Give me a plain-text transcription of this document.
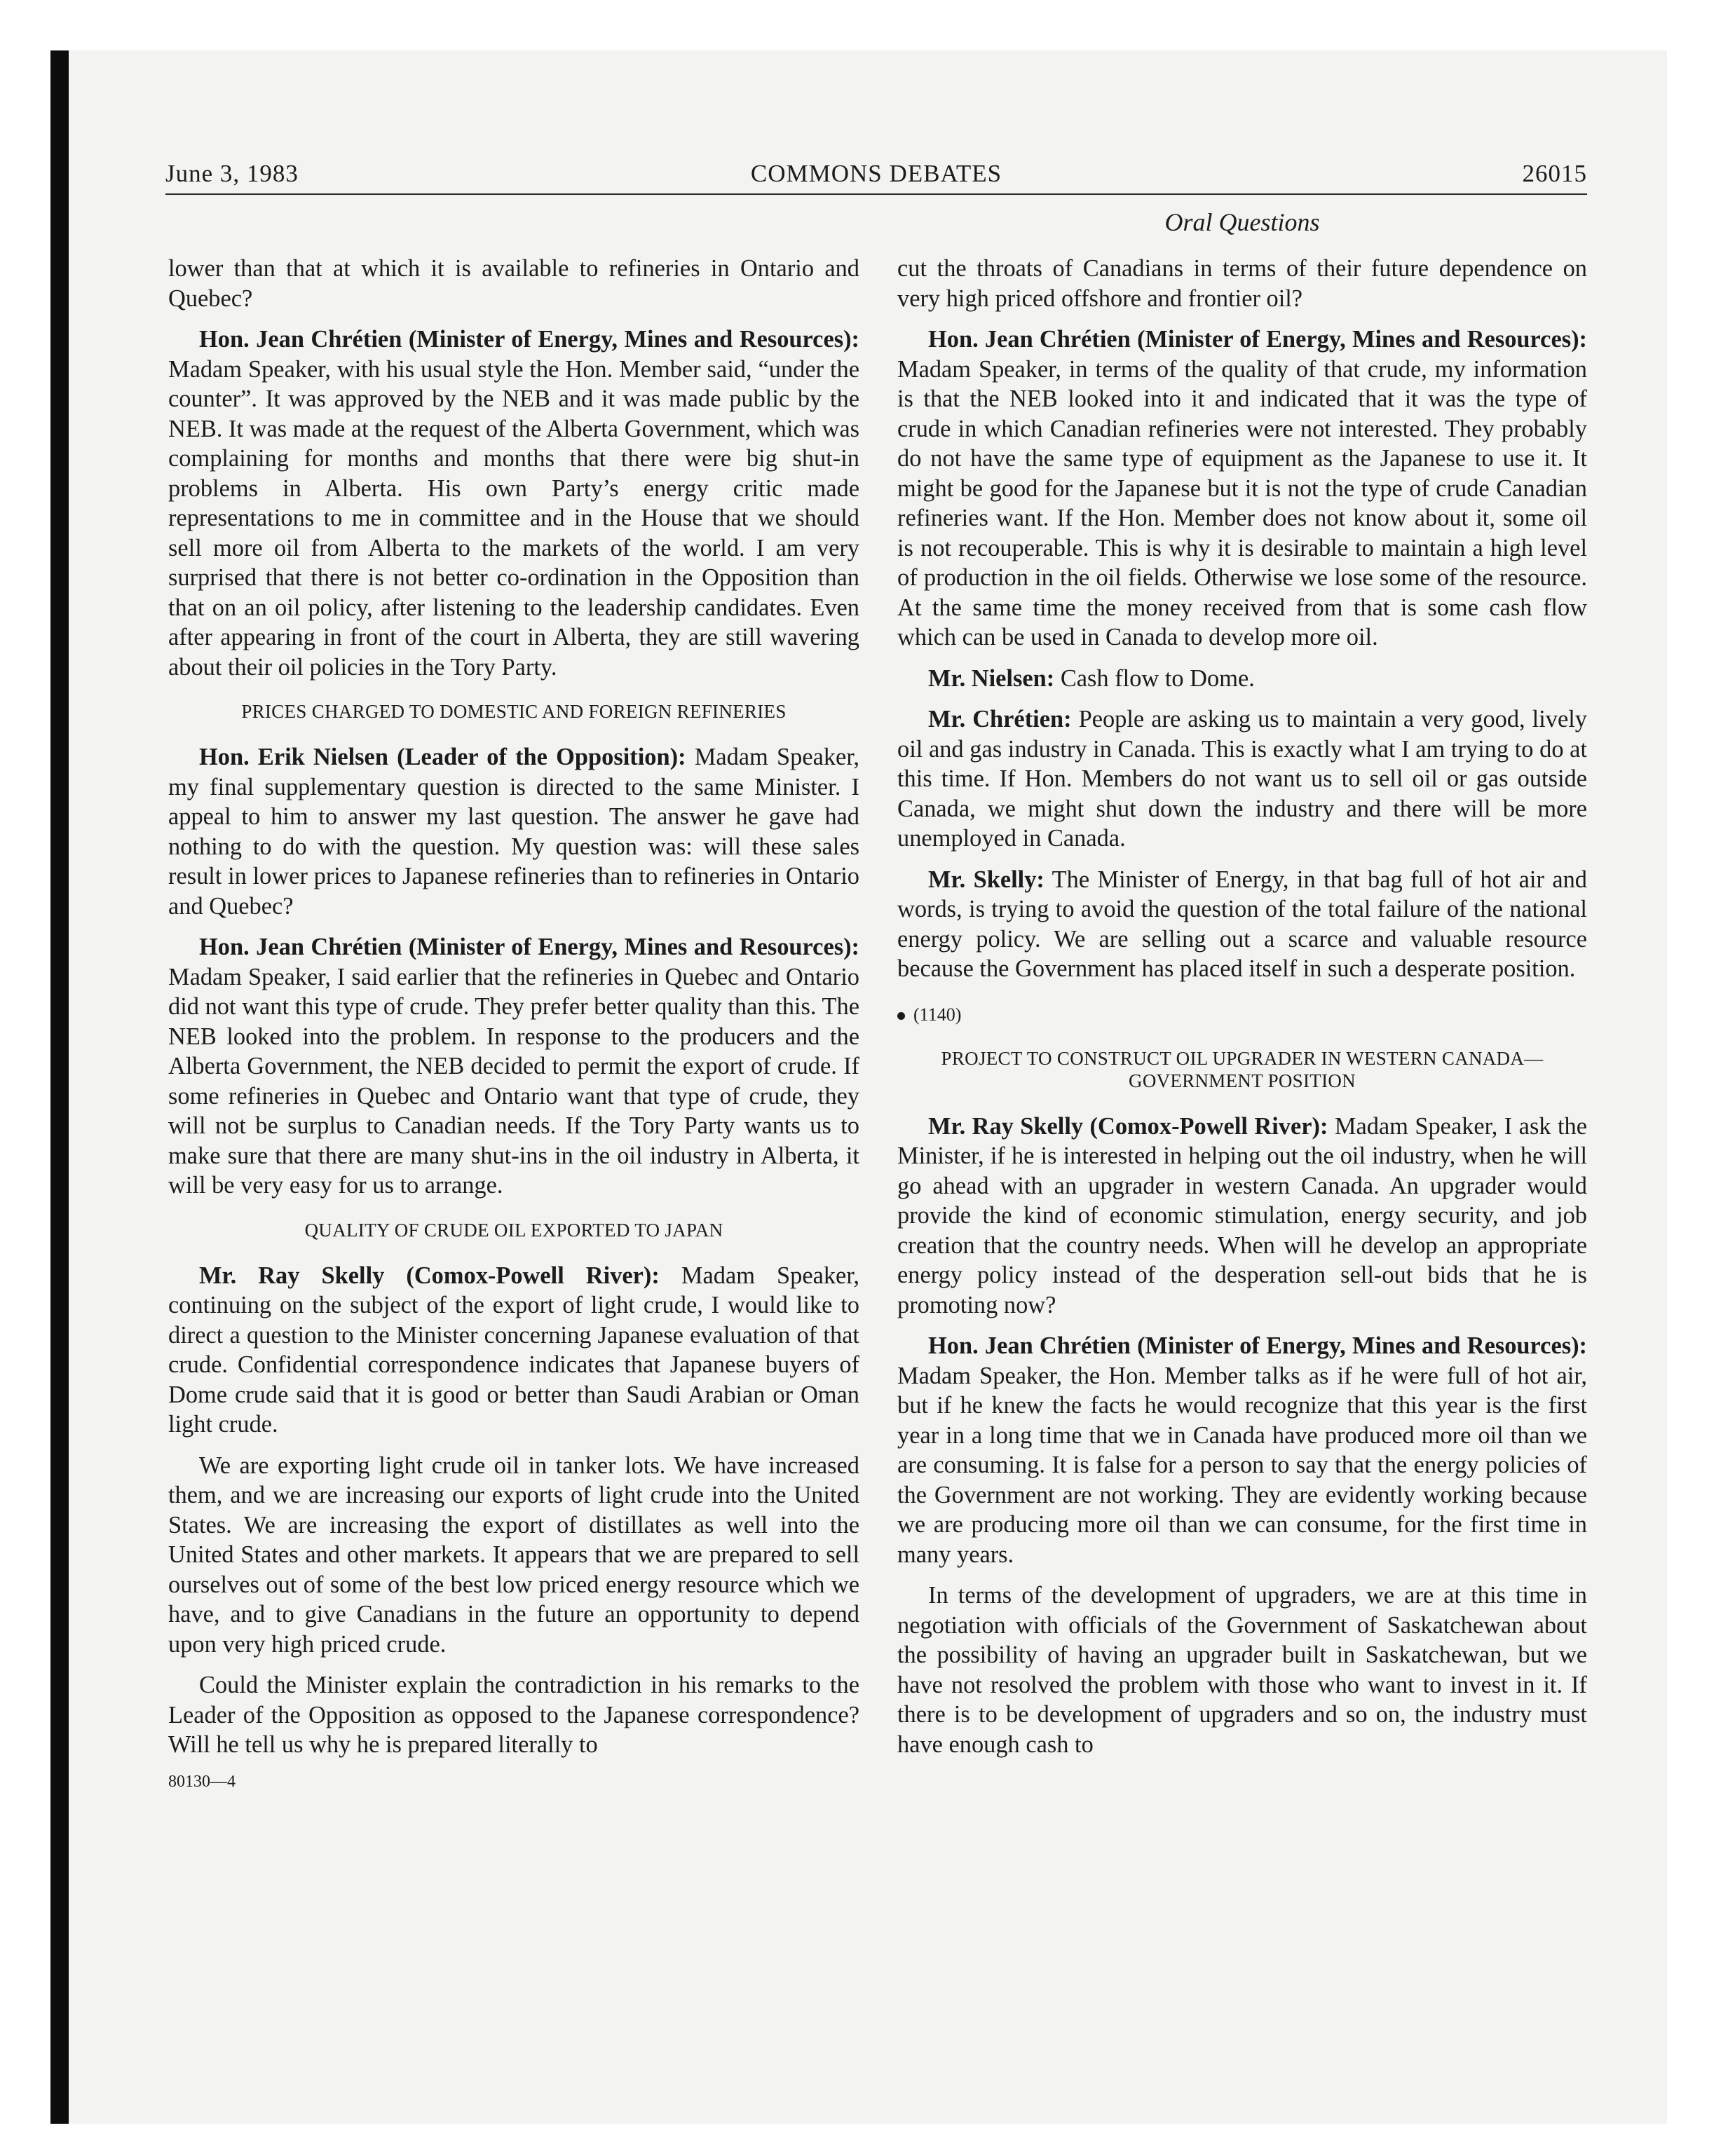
June 3, 1983	COMMONS DEBATES	26015
Oral Questions

lower than that at which it is available to refineries in Ontario and Quebec?

Hon. Jean Chrétien (Minister of Energy, Mines and Resources): Madam Speaker, with his usual style the Hon. Member said, “under the counter”. It was approved by the NEB and it was made public by the NEB. It was made at the request of the Alberta Government, which was complaining for months and months that there were big shut-in problems in Alberta. His own Party’s energy critic made representations to me in committee and in the House that we should sell more oil from Alberta to the markets of the world. I am very surprised that there is not better co-ordination in the Opposition than that on an oil policy, after listening to the leadership candidates. Even after appearing in front of the court in Alberta, they are still wavering about their oil policies in the Tory Party.

PRICES CHARGED TO DOMESTIC AND FOREIGN REFINERIES

Hon. Erik Nielsen (Leader of the Opposition): Madam Speaker, my final supplementary question is directed to the same Minister. I appeal to him to answer my last question. The answer he gave had nothing to do with the question. My question was: will these sales result in lower prices to Japanese refineries than to refineries in Ontario and Quebec?

Hon. Jean Chrétien (Minister of Energy, Mines and Resources): Madam Speaker, I said earlier that the refineries in Quebec and Ontario did not want this type of crude. They prefer better quality than this. The NEB looked into the problem. In response to the producers and the Alberta Government, the NEB decided to permit the export of crude. If some refineries in Quebec and Ontario want that type of crude, they will not be surplus to Canadian needs. If the Tory Party wants us to make sure that there are many shut-ins in the oil industry in Alberta, it will be very easy for us to arrange.

QUALITY OF CRUDE OIL EXPORTED TO JAPAN

Mr. Ray Skelly (Comox-Powell River): Madam Speaker, continuing on the subject of the export of light crude, I would like to direct a question to the Minister concerning Japanese evaluation of that crude. Confidential correspondence indicates that Japanese buyers of Dome crude said that it is good or better than Saudi Arabian or Oman light crude.

We are exporting light crude oil in tanker lots. We have increased them, and we are increasing our exports of light crude into the United States. We are increasing the export of distillates as well into the United States and other markets. It appears that we are prepared to sell ourselves out of some of the best low priced energy resource which we have, and to give Canadians in the future an opportunity to depend upon very high priced crude.

Could the Minister explain the contradiction in his remarks to the Leader of the Opposition as opposed to the Japanese correspondence? Will he tell us why he is prepared literally to

80130—4

cut the throats of Canadians in terms of their future dependence on very high priced offshore and frontier oil?

Hon. Jean Chrétien (Minister of Energy, Mines and Resources): Madam Speaker, in terms of the quality of that crude, my information is that the NEB looked into it and indicated that it was the type of crude in which Canadian refineries were not interested. They probably do not have the same type of equipment as the Japanese to use it. It might be good for the Japanese but it is not the type of crude Canadian refineries want. If the Hon. Member does not know about it, some oil is not recouperable. This is why it is desirable to maintain a high level of production in the oil fields. Otherwise we lose some of the resource. At the same time the money received from that is some cash flow which can be used in Canada to develop more oil.

Mr. Nielsen: Cash flow to Dome.

Mr. Chrétien: People are asking us to maintain a very good, lively oil and gas industry in Canada. This is exactly what I am trying to do at this time. If Hon. Members do not want us to sell oil or gas outside Canada, we might shut down the industry and there will be more unemployed in Canada.

Mr. Skelly: The Minister of Energy, in that bag full of hot air and words, is trying to avoid the question of the total failure of the national energy policy. We are selling out a scarce and valuable resource because the Government has placed itself in such a desperate position.

(1140)
PROJECT TO CONSTRUCT OIL UPGRADER IN WESTERN CANADA—GOVERNMENT POSITION

Mr. Ray Skelly (Comox-Powell River): Madam Speaker, I ask the Minister, if he is interested in helping out the oil industry, when he will go ahead with an upgrader in western Canada. An upgrader would provide the kind of economic stimulation, energy security, and job creation that the country needs. When will he develop an appropriate energy policy instead of the desperation sell-out bids that he is promoting now?

Hon. Jean Chrétien (Minister of Energy, Mines and Resources): Madam Speaker, the Hon. Member talks as if he were full of hot air, but if he knew the facts he would recognize that this year is the first year in a long time that we in Canada have produced more oil than we are consuming. It is false for a person to say that the energy policies of the Government are not working. They are evidently working because we are producing more oil than we can consume, for the first time in many years.

In terms of the development of upgraders, we are at this time in negotiation with officials of the Government of Saskatchewan about the possibility of having an upgrader built in Saskatchewan, but we have not resolved the problem with those who want to invest in it. If there is to be development of upgraders and so on, the industry must have enough cash to
